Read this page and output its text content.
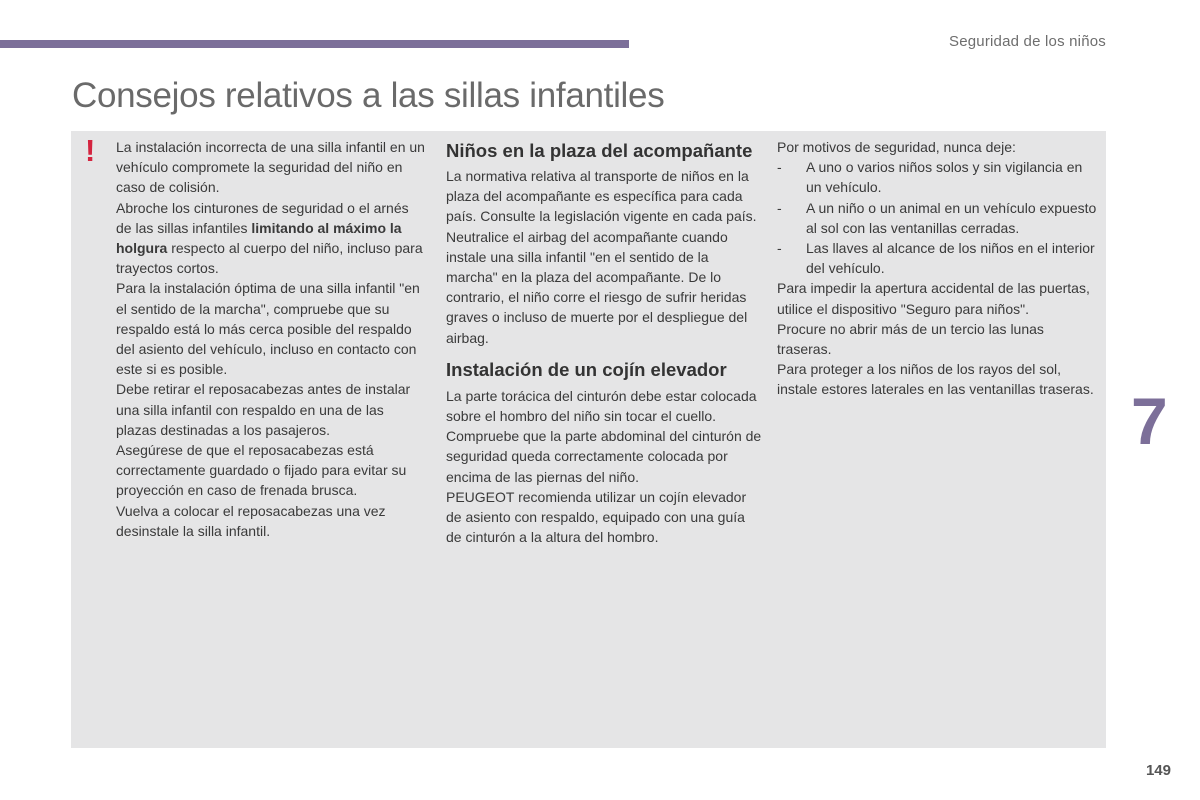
Seguridad de los niños
Consejos relativos a las sillas infantiles
! La instalación incorrecta de una silla infantil en un vehículo compromete la seguridad del niño en caso de colisión.

Abroche los cinturones de seguridad o el arnés de las sillas infantiles limitando al máximo la holgura respecto al cuerpo del niño, incluso para trayectos cortos.

Para la instalación óptima de una silla infantil "en el sentido de la marcha", compruebe que su respaldo está lo más cerca posible del respaldo del asiento del vehículo, incluso en contacto con este si es posible.

Debe retirar el reposacabezas antes de instalar una silla infantil con respaldo en una de las plazas destinadas a los pasajeros.

Asegúrese de que el reposacabezas está correctamente guardado o fijado para evitar su proyección en caso de frenada brusca.

Vuelva a colocar el reposacabezas una vez desinstale la silla infantil.

Niños en la plaza del acompañante

La normativa relativa al transporte de niños en la plaza del acompañante es específica para cada país. Consulte la legislación vigente en cada país.

Neutralice el airbag del acompañante cuando instale una silla infantil "en el sentido de la marcha" en la plaza del acompañante. De lo contrario, el niño corre el riesgo de sufrir heridas graves o incluso de muerte por el despliegue del airbag.

Instalación de un cojín elevador

La parte torácica del cinturón debe estar colocada sobre el hombro del niño sin tocar el cuello.

Compruebe que la parte abdominal del cinturón de seguridad queda correctamente colocada por encima de las piernas del niño.

PEUGEOT recomienda utilizar un cojín elevador de asiento con respaldo, equipado con una guía de cinturón a la altura del hombro.

Por motivos de seguridad, nunca deje:

- A uno o varios niños solos y sin vigilancia en un vehículo.
- A un niño o un animal en un vehículo expuesto al sol con las ventanillas cerradas.
- Las llaves al alcance de los niños en el interior del vehículo.

Para impedir la apertura accidental de las puertas, utilice el dispositivo "Seguro para niños".

Procure no abrir más de un tercio las lunas traseras.

Para proteger a los niños de los rayos del sol, instale estores laterales en las ventanillas traseras. 7
149
